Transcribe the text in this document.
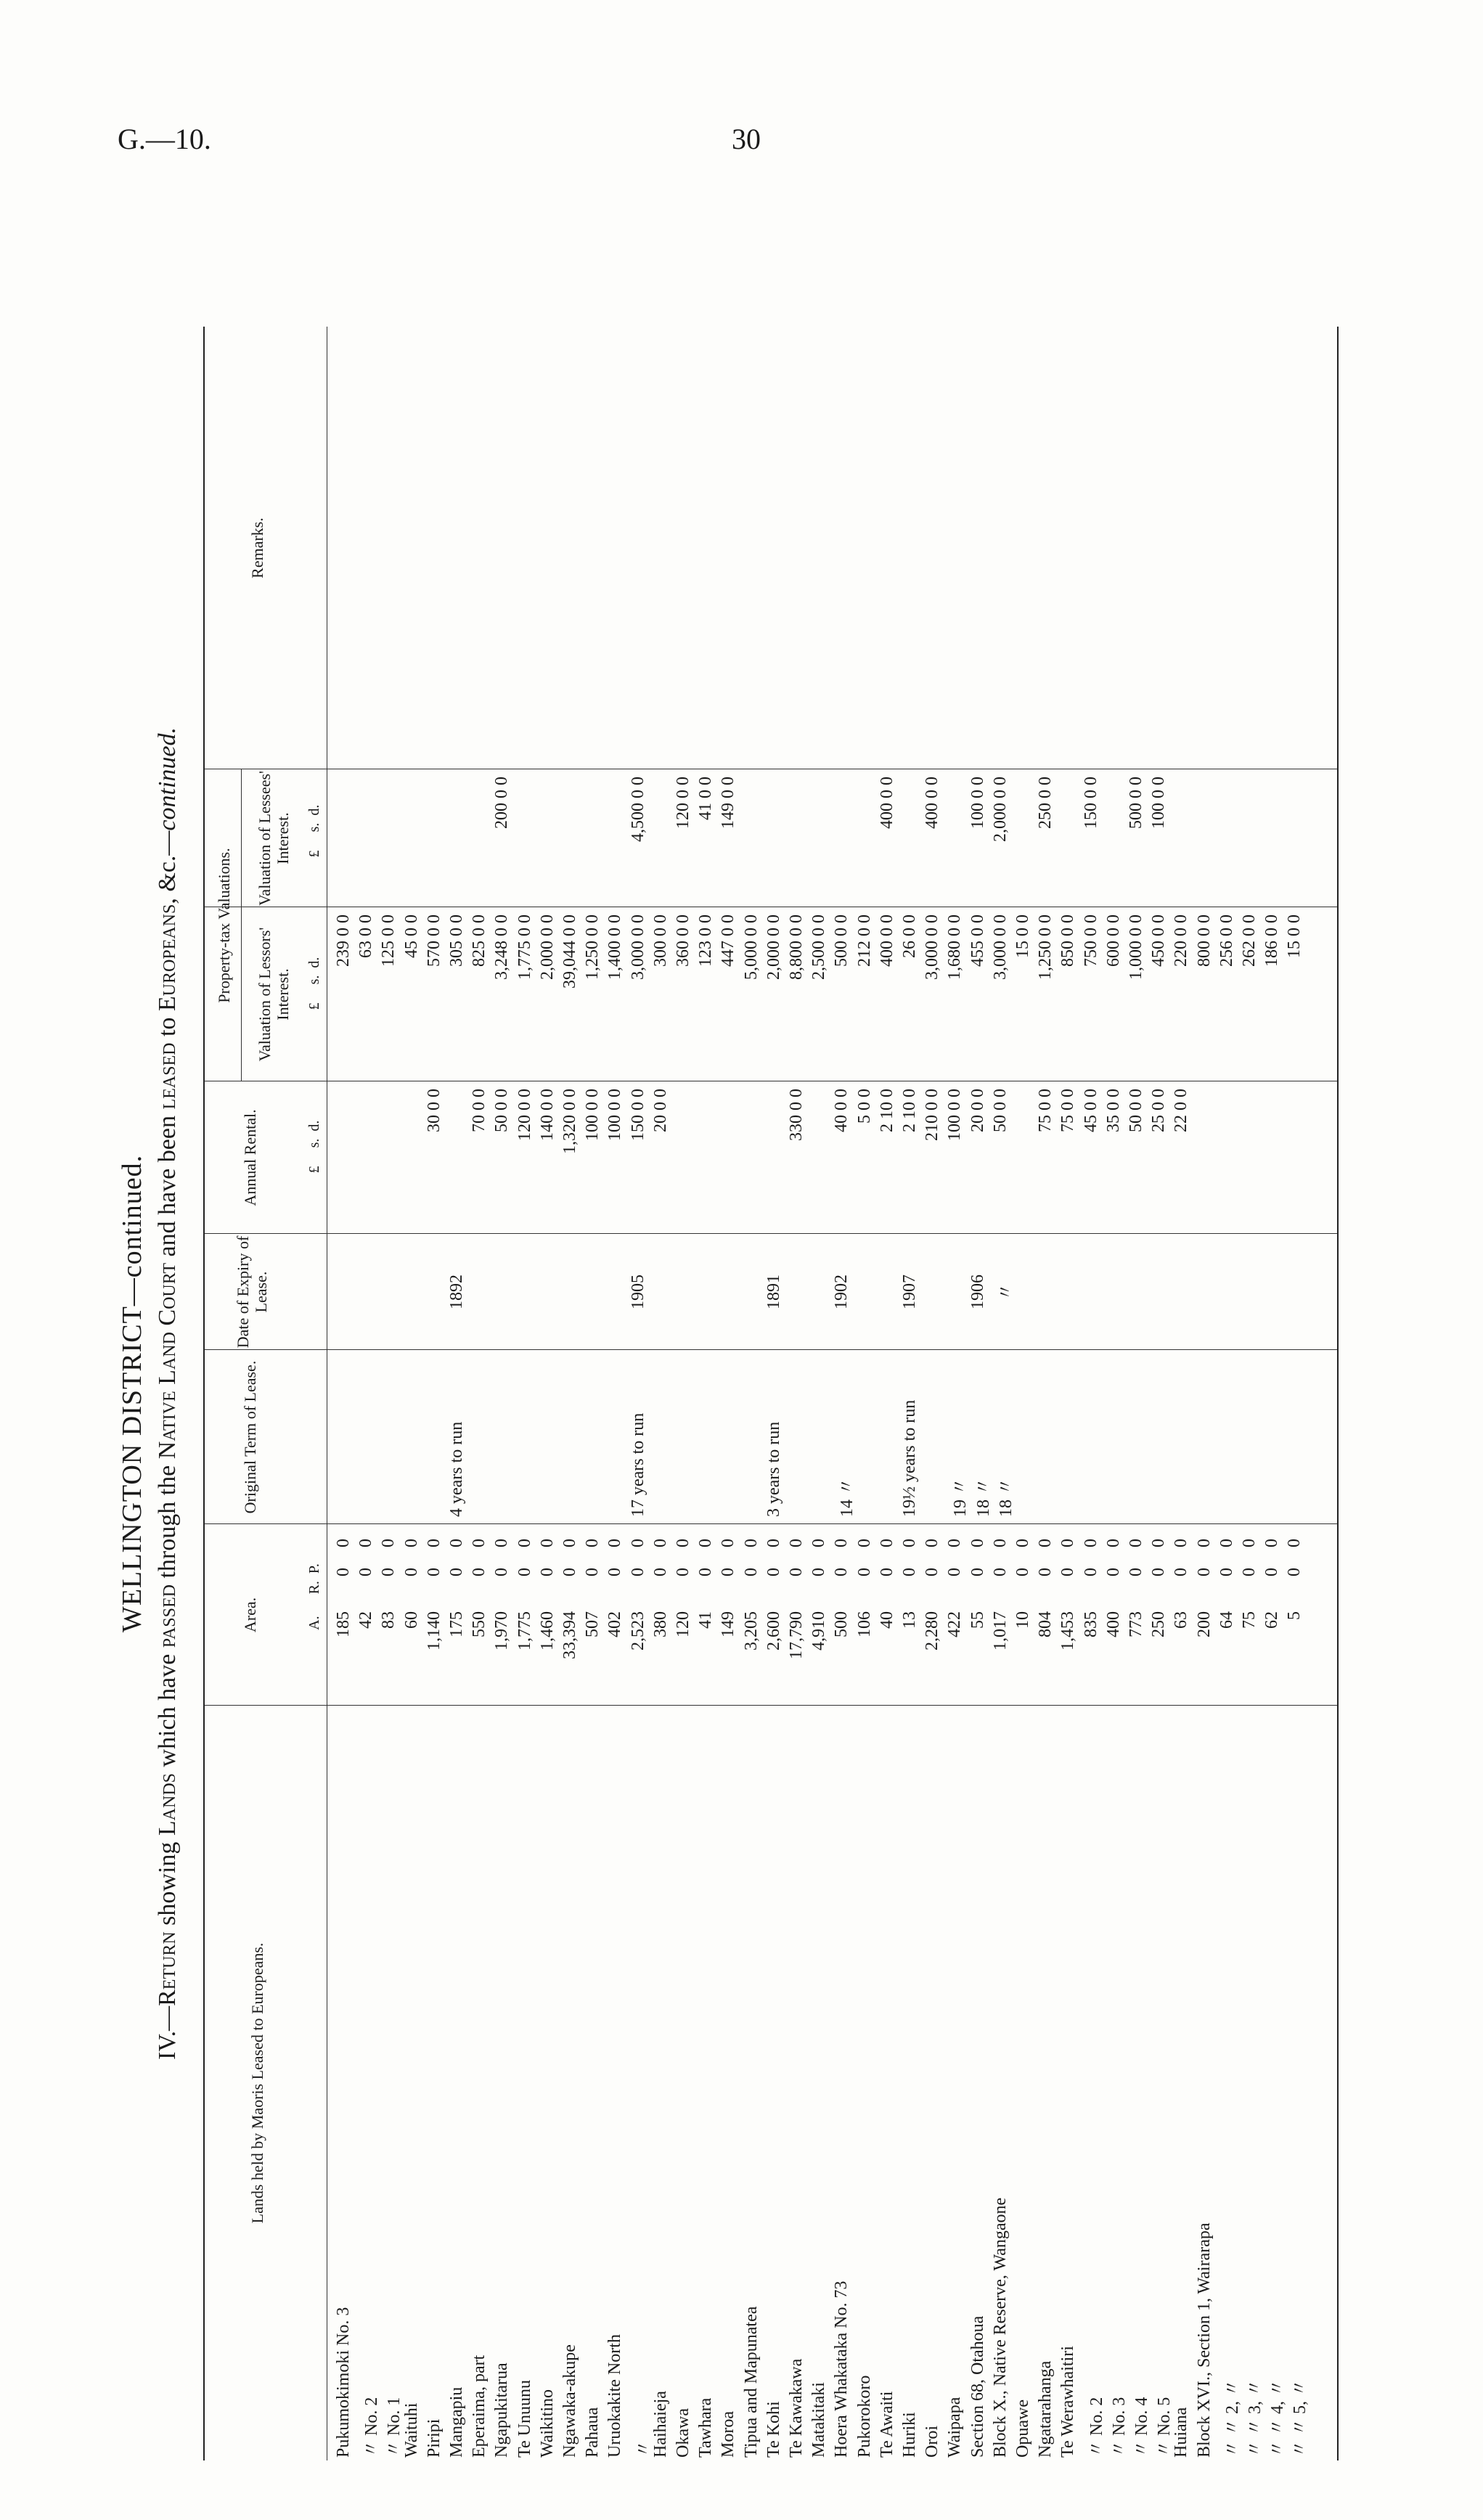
G.—10.	30
WELLINGTON DISTRICT—continued.
IV.—Return showing Lands which have passed through the Native Land Court and have been leased to Europeans, &c.—continued.
Lands held by Maoris Leased to Europeans.
Area.
Original Term of Lease.
Date of Expiry of Lease.
Annual Rental.
Property-tax Valuations. Valuation of Lessors' Interest.
Valuation of Lessees' Interest.
Remarks.
A.      R.  P.
£     s.  d.
£     s.  d.
£     s.  d.
Pukumokimoki No. 3
185
0
0
239 0 0
〃 No. 2
42
0
0
63 0 0
〃 No. 1
83
0
0
125 0 0
Waituhi
60
0
0
45 0 0
Piripi
1,140
0
0
30 0 0
570 0 0
Mangapiu
175
0
0
4 years to run
1892
305 0 0
Eperaima, part
550
0
0
70 0 0
825 0 0
Ngapukitarua
1,970
0
0
50 0 0
3,248 0 0
200 0 0
Te Unuunu
1,775
0
0
120 0 0
1,775 0 0
Waikitino
1,460
0
0
140 0 0
2,000 0 0
Ngawaka-akupe
33,394
0
0
1,320 0 0
39,044 0 0
Pahaua
507
0
0
100 0 0
1,250 0 0
Uruokakite North
402
0
0
100 0 0
1,400 0 0
〃
2,523
0
0
17 years to run
1905
150 0 0
3,000 0 0
4,500 0 0
Haihaieja
380
0
0
20 0 0
300 0 0
Okawa
120
0
0
360 0 0
120 0 0
Tawhara
41
0
0
123 0 0
41 0 0
Moroa
149
0
0
447 0 0
149 0 0
Tipua and Mapunatea
3,205
0
0
5,000 0 0
Te Kohi
2,600
0
0
3 years to run
1891
2,000 0 0
Te Kawakawa
17,790
0
0
330 0 0
8,800 0 0
Matakitaki
4,910
0
0
2,500 0 0
Hoera Whakataka No. 73
500
0
0
14 〃
1902
40 0 0
500 0 0
Pukorokoro
106
0
0
5 0 0
212 0 0
Te Awaiti
40
0
0
2 10 0
400 0 0
400 0 0
Huriki
13
0
0
19½ years to run
1907
2 10 0
26 0 0
Oroi
2,280
0
0
210 0 0
3,000 0 0
400 0 0
Waipapa
422
0
0
19 〃
100 0 0
1,680 0 0
Section 68, Otahoua
55
0
0
18 〃
1906
20 0 0
455 0 0
100 0 0
Block X., Native Reserve, Wangaone
1,017
0
0
18 〃
〃
50 0 0
3,000 0 0
2,000 0 0
Opuawe
10
0
0
15 0 0
Ngatarahanga
804
0
0
75 0 0
1,250 0 0
250 0 0
Te Werawhaitiri
1,453
0
0
75 0 0
850 0 0
〃 No. 2
835
0
0
45 0 0
750 0 0
150 0 0
〃 No. 3
400
0
0
35 0 0
600 0 0
〃 No. 4
773
0
0
50 0 0
1,000 0 0
500 0 0
〃 No. 5
250
0
0
25 0 0
450 0 0
100 0 0
Huiana
63
0
0
22 0 0
220 0 0
Block XVI., Section 1, Wairarapa
200
0
0
800 0 0
〃 〃 2, 〃
64
0
0
256 0 0
〃 〃 3, 〃
75
0
0
262 0 0
〃 〃 4, 〃
62
0
0
186 0 0
〃 〃 5, 〃
5
0
0
15 0 0
